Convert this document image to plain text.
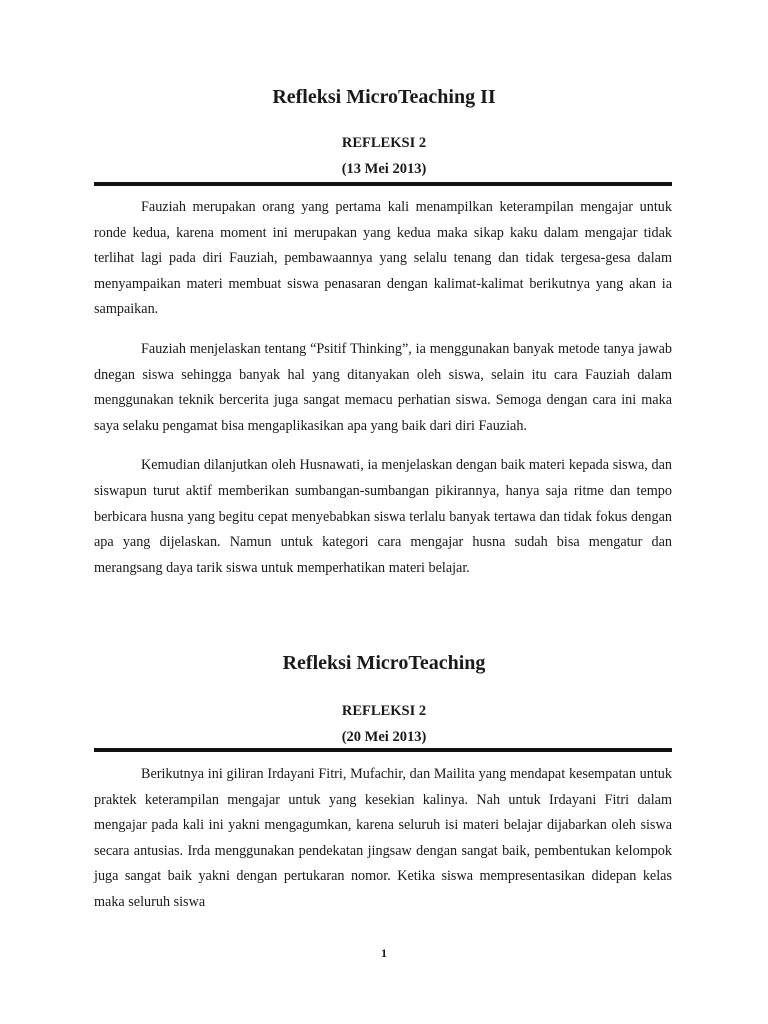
Refleksi MicroTeaching II
REFLEKSI 2
(13 Mei 2013)

Fauziah merupakan orang yang pertama kali menampilkan keterampilan mengajar untuk ronde kedua, karena moment ini merupakan yang kedua maka sikap kaku dalam mengajar tidak terlihat lagi pada diri Fauziah, pembawaannya yang selalu tenang dan tidak tergesa-gesa dalam menyampaikan materi membuat siswa penasaran dengan kalimat-kalimat berikutnya yang akan ia sampaikan.

Fauziah menjelaskan tentang “Psitif Thinking”, ia menggunakan banyak metode tanya jawab dnegan siswa sehingga banyak hal yang ditanyakan oleh siswa, selain itu cara Fauziah dalam menggunakan teknik bercerita juga sangat memacu perhatian siswa. Semoga dengan cara ini maka saya selaku pengamat bisa mengaplikasikan apa yang baik dari diri Fauziah.

Kemudian dilanjutkan oleh Husnawati, ia menjelaskan dengan baik materi kepada siswa, dan siswapun turut aktif memberikan sumbangan-sumbangan pikirannya, hanya saja ritme dan tempo berbicara husna yang begitu cepat menyebabkan siswa terlalu banyak tertawa dan tidak fokus dengan apa yang dijelaskan. Namun untuk kategori cara mengajar husna sudah bisa mengatur dan merangsang daya tarik siswa untuk memperhatikan materi belajar.

Refleksi MicroTeaching
REFLEKSI 2
(20 Mei 2013)

Berikutnya ini giliran Irdayani Fitri, Mufachir, dan Mailita yang mendapat kesempatan untuk praktek keterampilan mengajar untuk yang kesekian kalinya. Nah untuk Irdayani Fitri dalam mengajar pada kali ini yakni mengagumkan, karena seluruh isi materi belajar dijabarkan oleh siswa secara antusias. Irda menggunakan pendekatan jingsaw dengan sangat baik, pembentukan kelompok juga sangat baik yakni dengan pertukaran nomor. Ketika siswa mempresentasikan didepan kelas maka seluruh siswa

1
